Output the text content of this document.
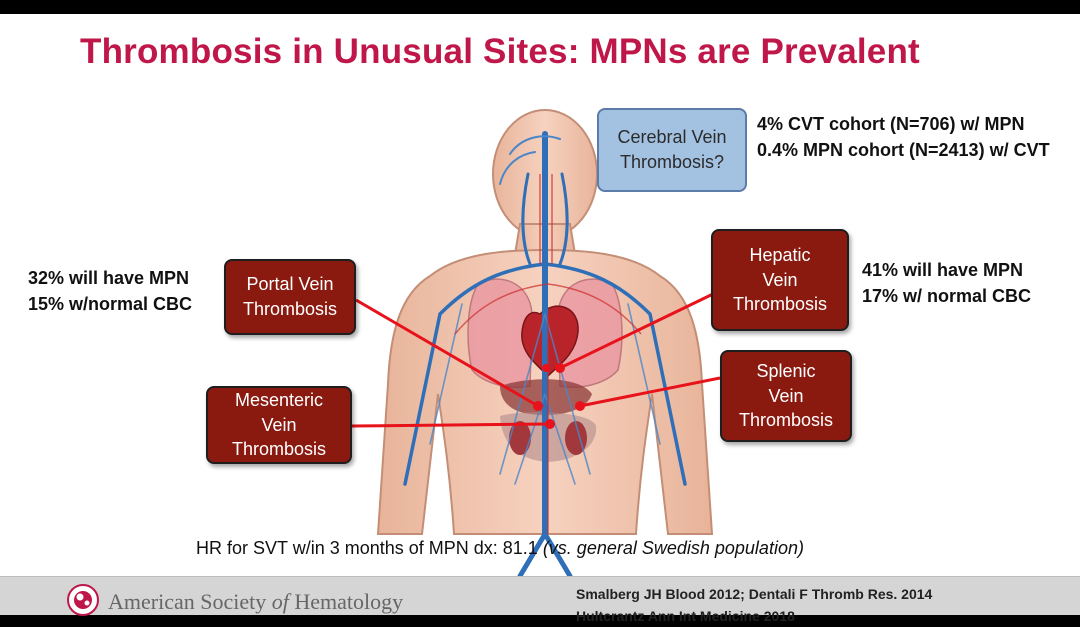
Thrombosis in Unusual Sites: MPNs are Prevalent
Cerebral Vein
Thrombosis?
Portal Vein
Thrombosis
Hepatic
Vein
Thrombosis
Mesenteric
Vein
Thrombosis
Splenic
Vein
Thrombosis
4% CVT cohort (N=706) w/ MPN
0.4% MPN cohort (N=2413) w/ CVT
32% will have MPN
15% w/normal CBC
41% will have MPN
17% w/ normal CBC
HR for SVT w/in 3 months of MPN dx: 81.1 (vs. general Swedish population)
American Society of Hematology	Smalberg JH Blood 2012; Dentali F Thromb Res. 2014
Hultcrantz Ann Int Medicine 2018
